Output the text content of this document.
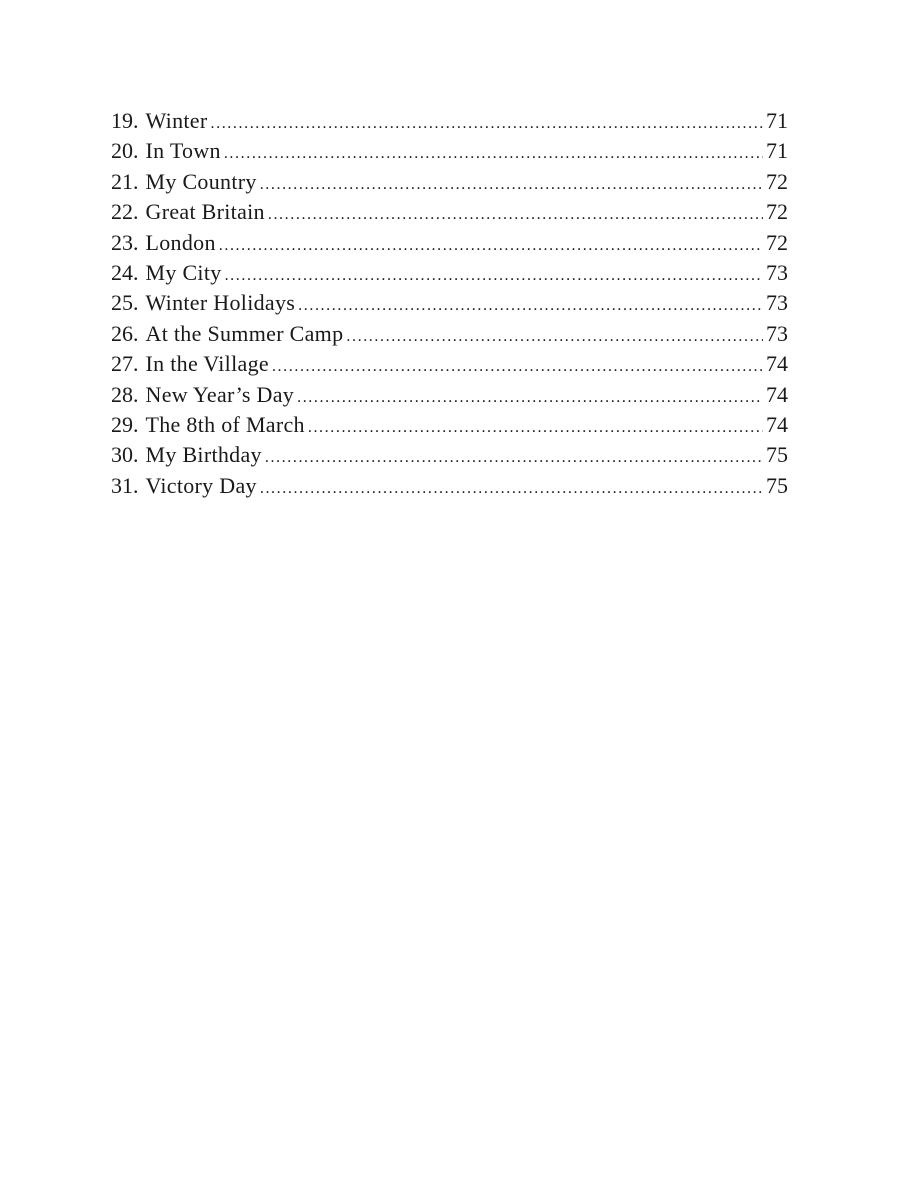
19. Winter .....	71
20. In Town .....	71
21. My Country .....	72
22. Great Britain .....	72
23. London .....	72
24. My City .....	73
25. Winter Holidays .....	73
26. At the Summer Camp .....	73
27. In the Village .....	74
28. New Year’s Day .....	74
29. The 8th of March .....	74
30. My Birthday .....	75
31. Victory Day .....	75
